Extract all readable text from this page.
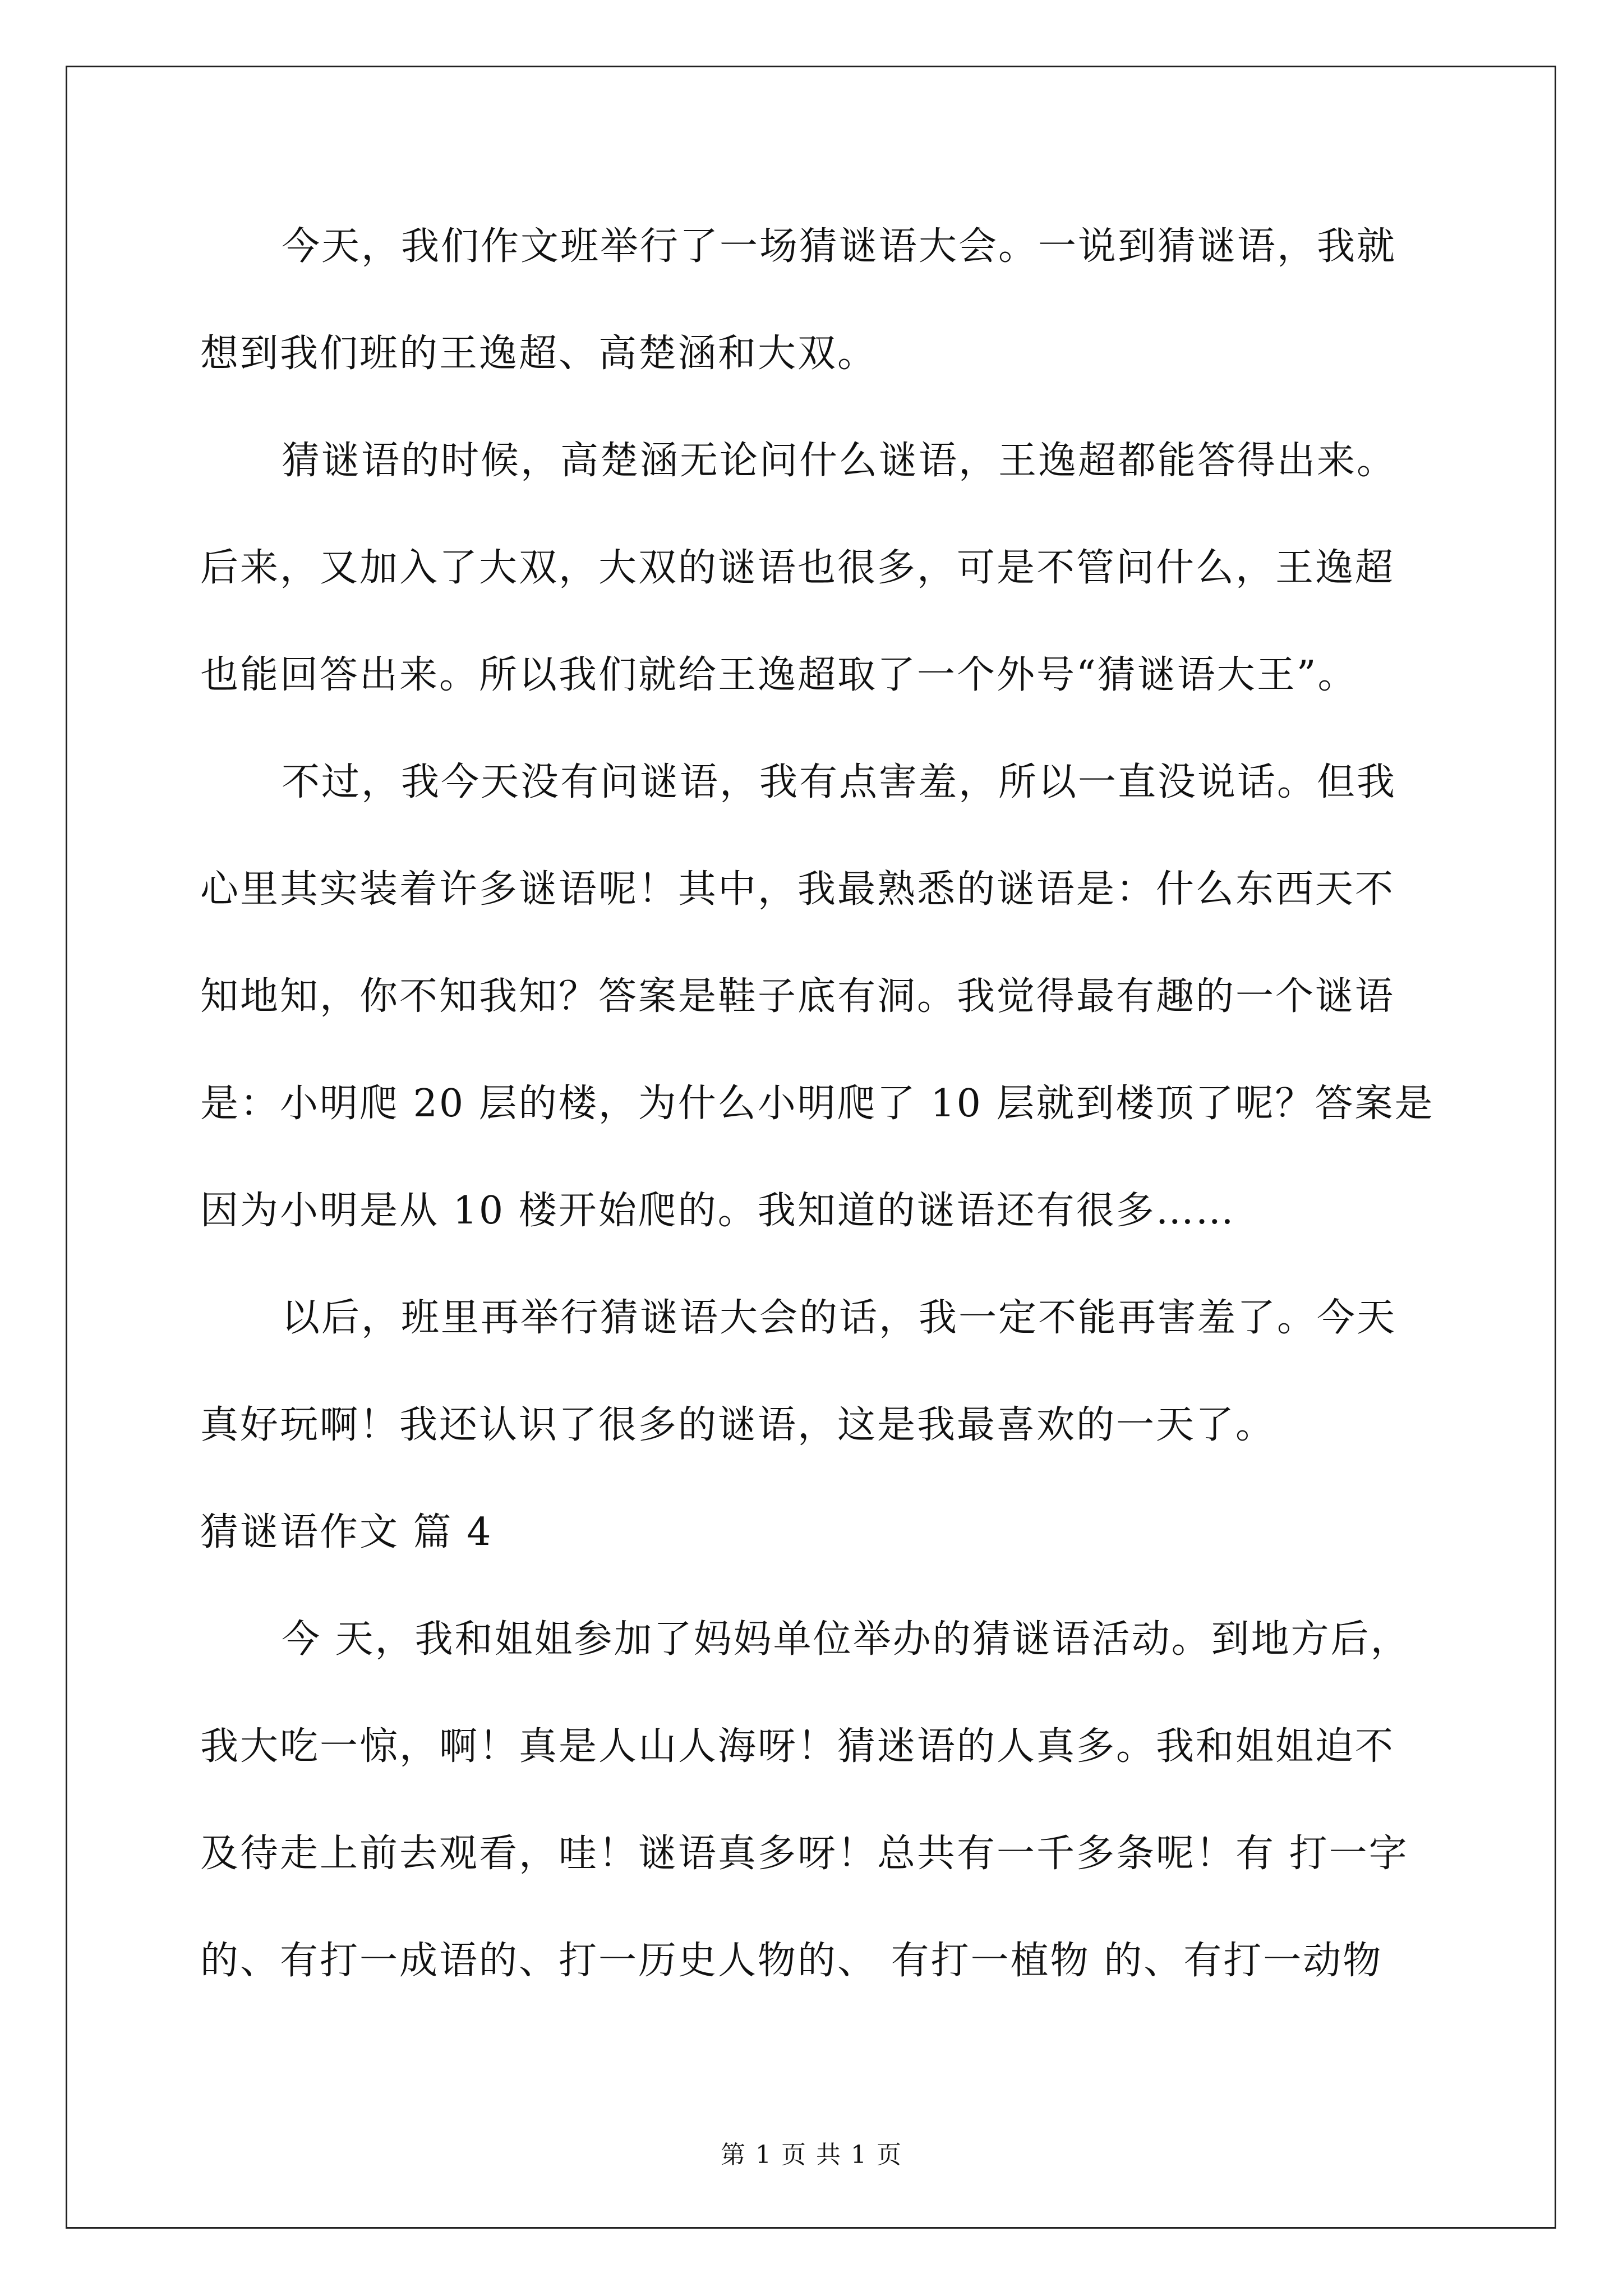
今天，我们作文班举行了一场猜谜语大会。一说到猜谜语，我就
想到我们班的王逸超、高楚涵和大双。
猜谜语的时候，高楚涵无论问什么谜语，王逸超都能答得出来。
后来，又加入了大双，大双的谜语也很多，可是不管问什么，王逸超
也能回答出来。所以我们就给王逸超取了一个外号“猜谜语大王”。
不过，我今天没有问谜语，我有点害羞，所以一直没说话。但我
心里其实装着许多谜语呢！其中，我最熟悉的谜语是：什么东西天不
知地知，你不知我知？答案是鞋子底有洞。我觉得最有趣的一个谜语
是：小明爬 20 层的楼，为什么小明爬了 10 层就到楼顶了呢？答案是
因为小明是从 10 楼开始爬的。我知道的谜语还有很多……
以后，班里再举行猜谜语大会的话，我一定不能再害羞了。今天
真好玩啊！我还认识了很多的谜语，这是我最喜欢的一天了。
猜谜语作文 篇 4
今 天，我和姐姐参加了妈妈单位举办的猜谜语活动。到地方后，
我大吃一惊，啊！真是人山人海呀！猜迷语的人真多。我和姐姐迫不
及待走上前去观看，哇！谜语真多呀！总共有一千多条呢！有 打一字
的、有打一成语的、打一历史人物的、 有打一植物 的、有打一动物
第 1 页 共 1 页
